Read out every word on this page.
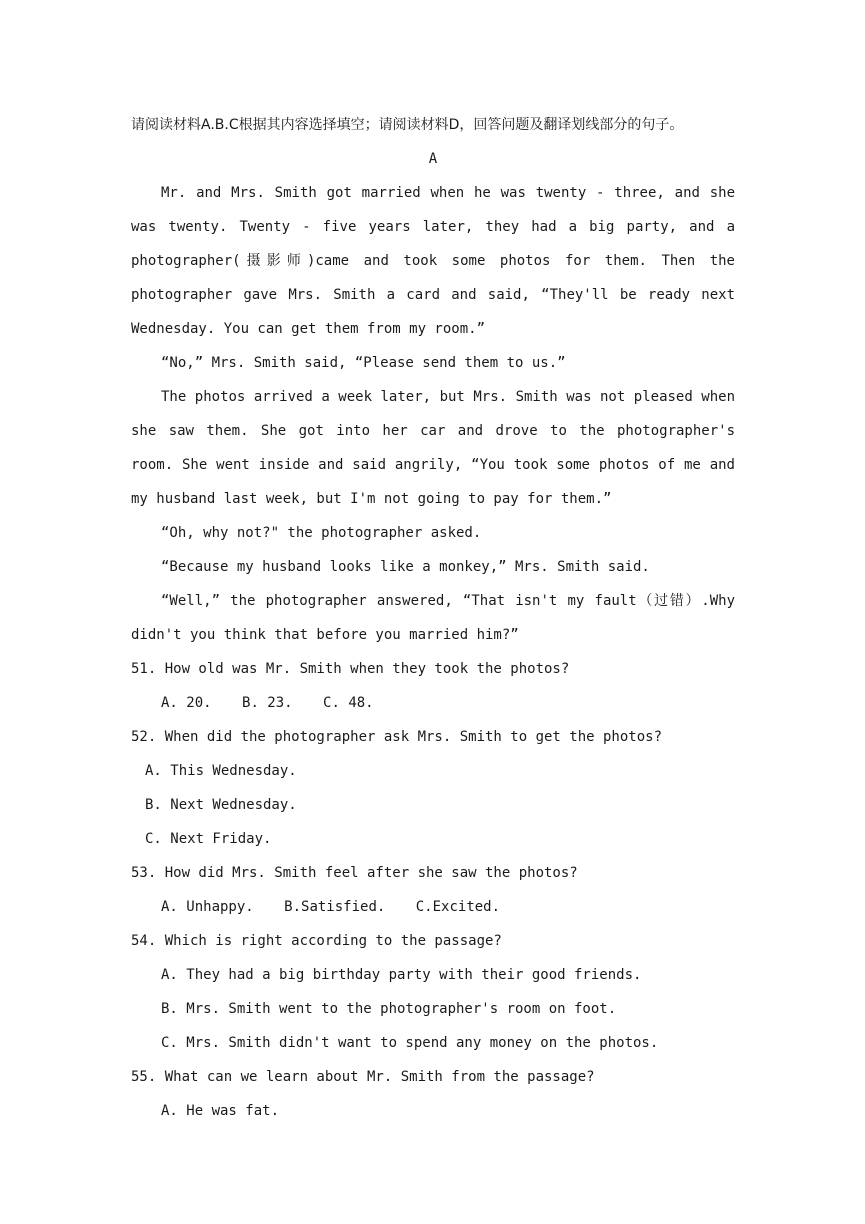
请阅读材料A.B.C根据其内容选择填空；请阅读材料D，回答问题及翻译划线部分的句子。
A

Mr. and Mrs. Smith got married when he was twenty - three, and she was twenty. Twenty - five years later, they had a big party, and a photographer(摄影师)came and took some photos for them. Then the photographer gave Mrs. Smith a card and said, “They'll be ready next Wednesday. You can get them from my room.”

“No,” Mrs. Smith said, “Please send them to us.”

The photos arrived a week later, but Mrs. Smith was not pleased when she saw them. She got into her car and drove to the photographer's room. She went inside and said angrily, “You took some photos of me and my husband last week, but I'm not going to pay for them.”

“Oh, why not?" the photographer asked.

“Because my husband looks like a monkey,” Mrs. Smith said.

“Well,” the photographer answered, “That isn't my fault（过错）.Why didn't you think that before you married him?”

51. How old was Mr. Smith when they took the photos?
A. 20. B. 23. C. 48.
52. When did the photographer ask Mrs. Smith to get the photos?
A. This Wednesday.
B. Next Wednesday.
C. Next Friday.
53. How did Mrs. Smith feel after she saw the photos?
A. Unhappy. B.Satisfied. C.Excited.
54. Which is right according to the passage?
A. They had a big birthday party with their good friends.
B. Mrs. Smith went to the photographer's room on foot.
C. Mrs. Smith didn't want to spend any money on the photos.
55. What can we learn about Mr. Smith from the passage?
A. He was fat.
